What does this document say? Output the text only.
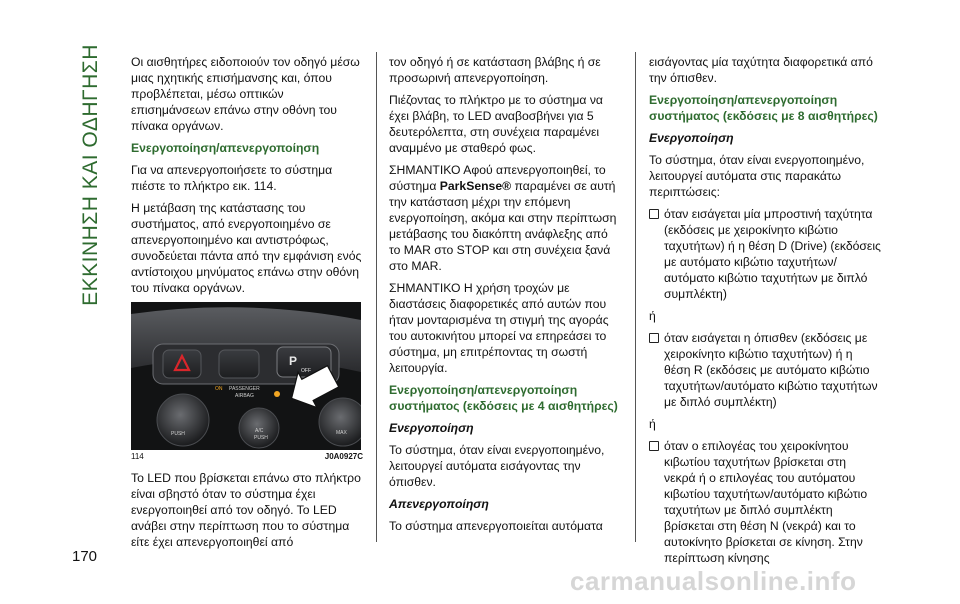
ΕΚΚΙΝΗΣΗ ΚΑΙ ΟΔΗΓΗΣΗ Οι αισθητήρες ειδοποιούν τον οδηγό μέσω μιας ηχητικής επισήμανσης και, όπου προβλέπεται, μέσω οπτικών επισημάνσεων επάνω στην οθόνη του πίνακα οργάνων.

Ενεργοποίηση/απενεργοποίηση

Για να απενεργοποιήσετε το σύστημα πιέστε το πλήκτρο εικ. 114.

Η μετάβαση της κατάστασης του συστήματος, από ενεργοποιημένο σε απενεργοποιημένο και αντιστρόφως, συνοδεύεται πάντα από την εμφάνιση ενός αντίστοιχου μηνύματος επάνω στην οθόνη του πίνακα οργάνων.

P
OFF
ON PASSENGER
AIRBAG
PUSH	A/C
PUSH
MAX
114	J0A0927C

Το LED που βρίσκεται επάνω στο πλήκτρο είναι σβηστό όταν το σύστημα έχει ενεργοποιηθεί από τον οδηγό. Το LED ανάβει στην περίπτωση που το σύστημα είτε έχει απενεργοποιηθεί από

τον οδηγό ή σε κατάσταση βλάβης ή σε προσωρινή απενεργοποίηση.

Πιέζοντας το πλήκτρο με το σύστημα να έχει βλάβη, το LED αναβοσβήνει για 5 δευτερόλεπτα, στη συνέχεια παραμένει αναμμένο με σταθερό φως.

ΣΗΜΑΝΤΙΚΟ Αφού απενεργοποιηθεί, το σύστημα ParkSense® παραμένει σε αυτή την κατάσταση μέχρι την επόμενη ενεργοποίηση, ακόμα και στην περίπτωση μετάβασης του διακόπτη ανάφλεξης από το MAR στο STOP και στη συνέχεια ξανά στο MAR.

ΣΗΜΑΝΤΙΚΟ Η χρήση τροχών με διαστάσεις διαφορετικές από αυτών που ήταν μονταρισμένα τη στιγμή της αγοράς του αυτοκινήτου μπορεί να επηρεάσει το σύστημα, μη επιτρέποντας τη σωστή λειτουργία.

Ενεργοποίηση/απενεργοποίηση συστήματος (εκδόσεις με 4 αισθητήρες)

Ενεργοποίηση

Το σύστημα, όταν είναι ενεργοποιημένο, λειτουργεί αυτόματα εισάγοντας την όπισθεν.

Απενεργοποίηση

Το σύστημα απενεργοποιείται αυτόματα

εισάγοντας μία ταχύτητα διαφορετικά από την όπισθεν.

Ενεργοποίηση/απενεργοποίηση συστήματος (εκδόσεις με 8 αισθητήρες)

Ενεργοποίηση

Το σύστημα, όταν είναι ενεργοποιημένο, λειτουργεί αυτόματα στις παρακάτω περιπτώσεις:

όταν εισάγεται μία μπροστινή ταχύτητα (εκδόσεις με χειροκίνητο κιβώτιο ταχυτήτων) ή η θέση D (Drive) (εκδόσεις με αυτόματο κιβώτιο ταχυτήτων/αυτόματο κιβώτιο ταχυτήτων με διπλό συμπλέκτη)

ή

όταν εισάγεται η όπισθεν (εκδόσεις με χειροκίνητο κιβώτιο ταχυτήτων) ή η θέση R (εκδόσεις με αυτόματο κιβώτιο ταχυτήτων/αυτόματο κιβώτιο ταχυτήτων με διπλό συμπλέκτη)

ή

όταν ο επιλογέας του χειροκίνητου κιβωτίου ταχυτήτων βρίσκεται στη νεκρά ή ο επιλογέας του αυτόματου κιβωτίου ταχυτήτων/αυτόματο κιβώτιο ταχυτήτων με διπλό συμπλέκτη βρίσκεται στη θέση N (νεκρά) και το αυτοκίνητο βρίσκεται σε κίνηση. Στην περίπτωση κίνησης
170
carmanualsonline.info
